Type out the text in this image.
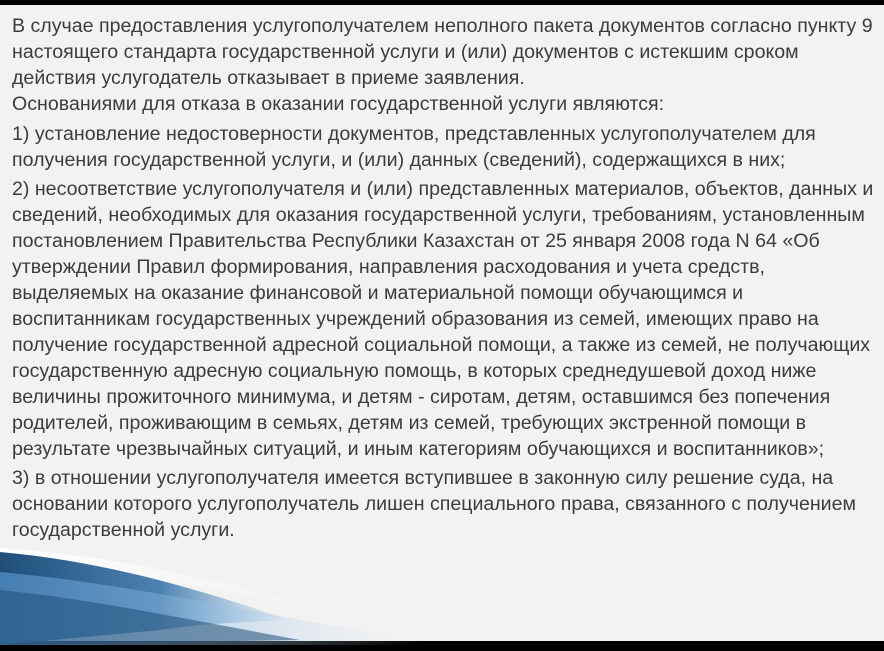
В случае предоставления услугополучателем неполного пакета документов согласно пункту 9 настоящего стандарта государственной услуги и (или) документов с истекшим сроком действия услугодатель отказывает в приеме заявления.

Основаниями для отказа в оказании государственной услуги являются:

1) установление недостоверности документов, представленных услугополучателем для получения государственной услуги, и (или) данных (сведений), содержащихся в них;

2) несоответствие услугополучателя и (или) представленных материалов, объектов, данных и сведений, необходимых для оказания государственной услуги, требованиям, установленным постановлением Правительства Республики Казахстан от 25 января 2008 года N 64 «Об утверждении Правил формирования, направления расходования и учета средств, выделяемых на оказание финансовой и материальной помощи обучающимся и воспитанникам государственных учреждений образования из семей, имеющих право на получение государственной адресной социальной помощи, а также из семей, не получающих государственную адресную социальную помощь, в которых среднедушевой доход ниже величины прожиточного минимума, и детям - сиротам, детям, оставшимся без попечения родителей, проживающим в семьях, детям из семей, требующих экстренной помощи в результате чрезвычайных ситуаций, и иным категориям обучающихся и воспитанников»;

3) в отношении услугополучателя имеется вступившее в законную силу решение суда, на основании которого услугополучатель лишен специального права, связанного с получением государственной услуги.
